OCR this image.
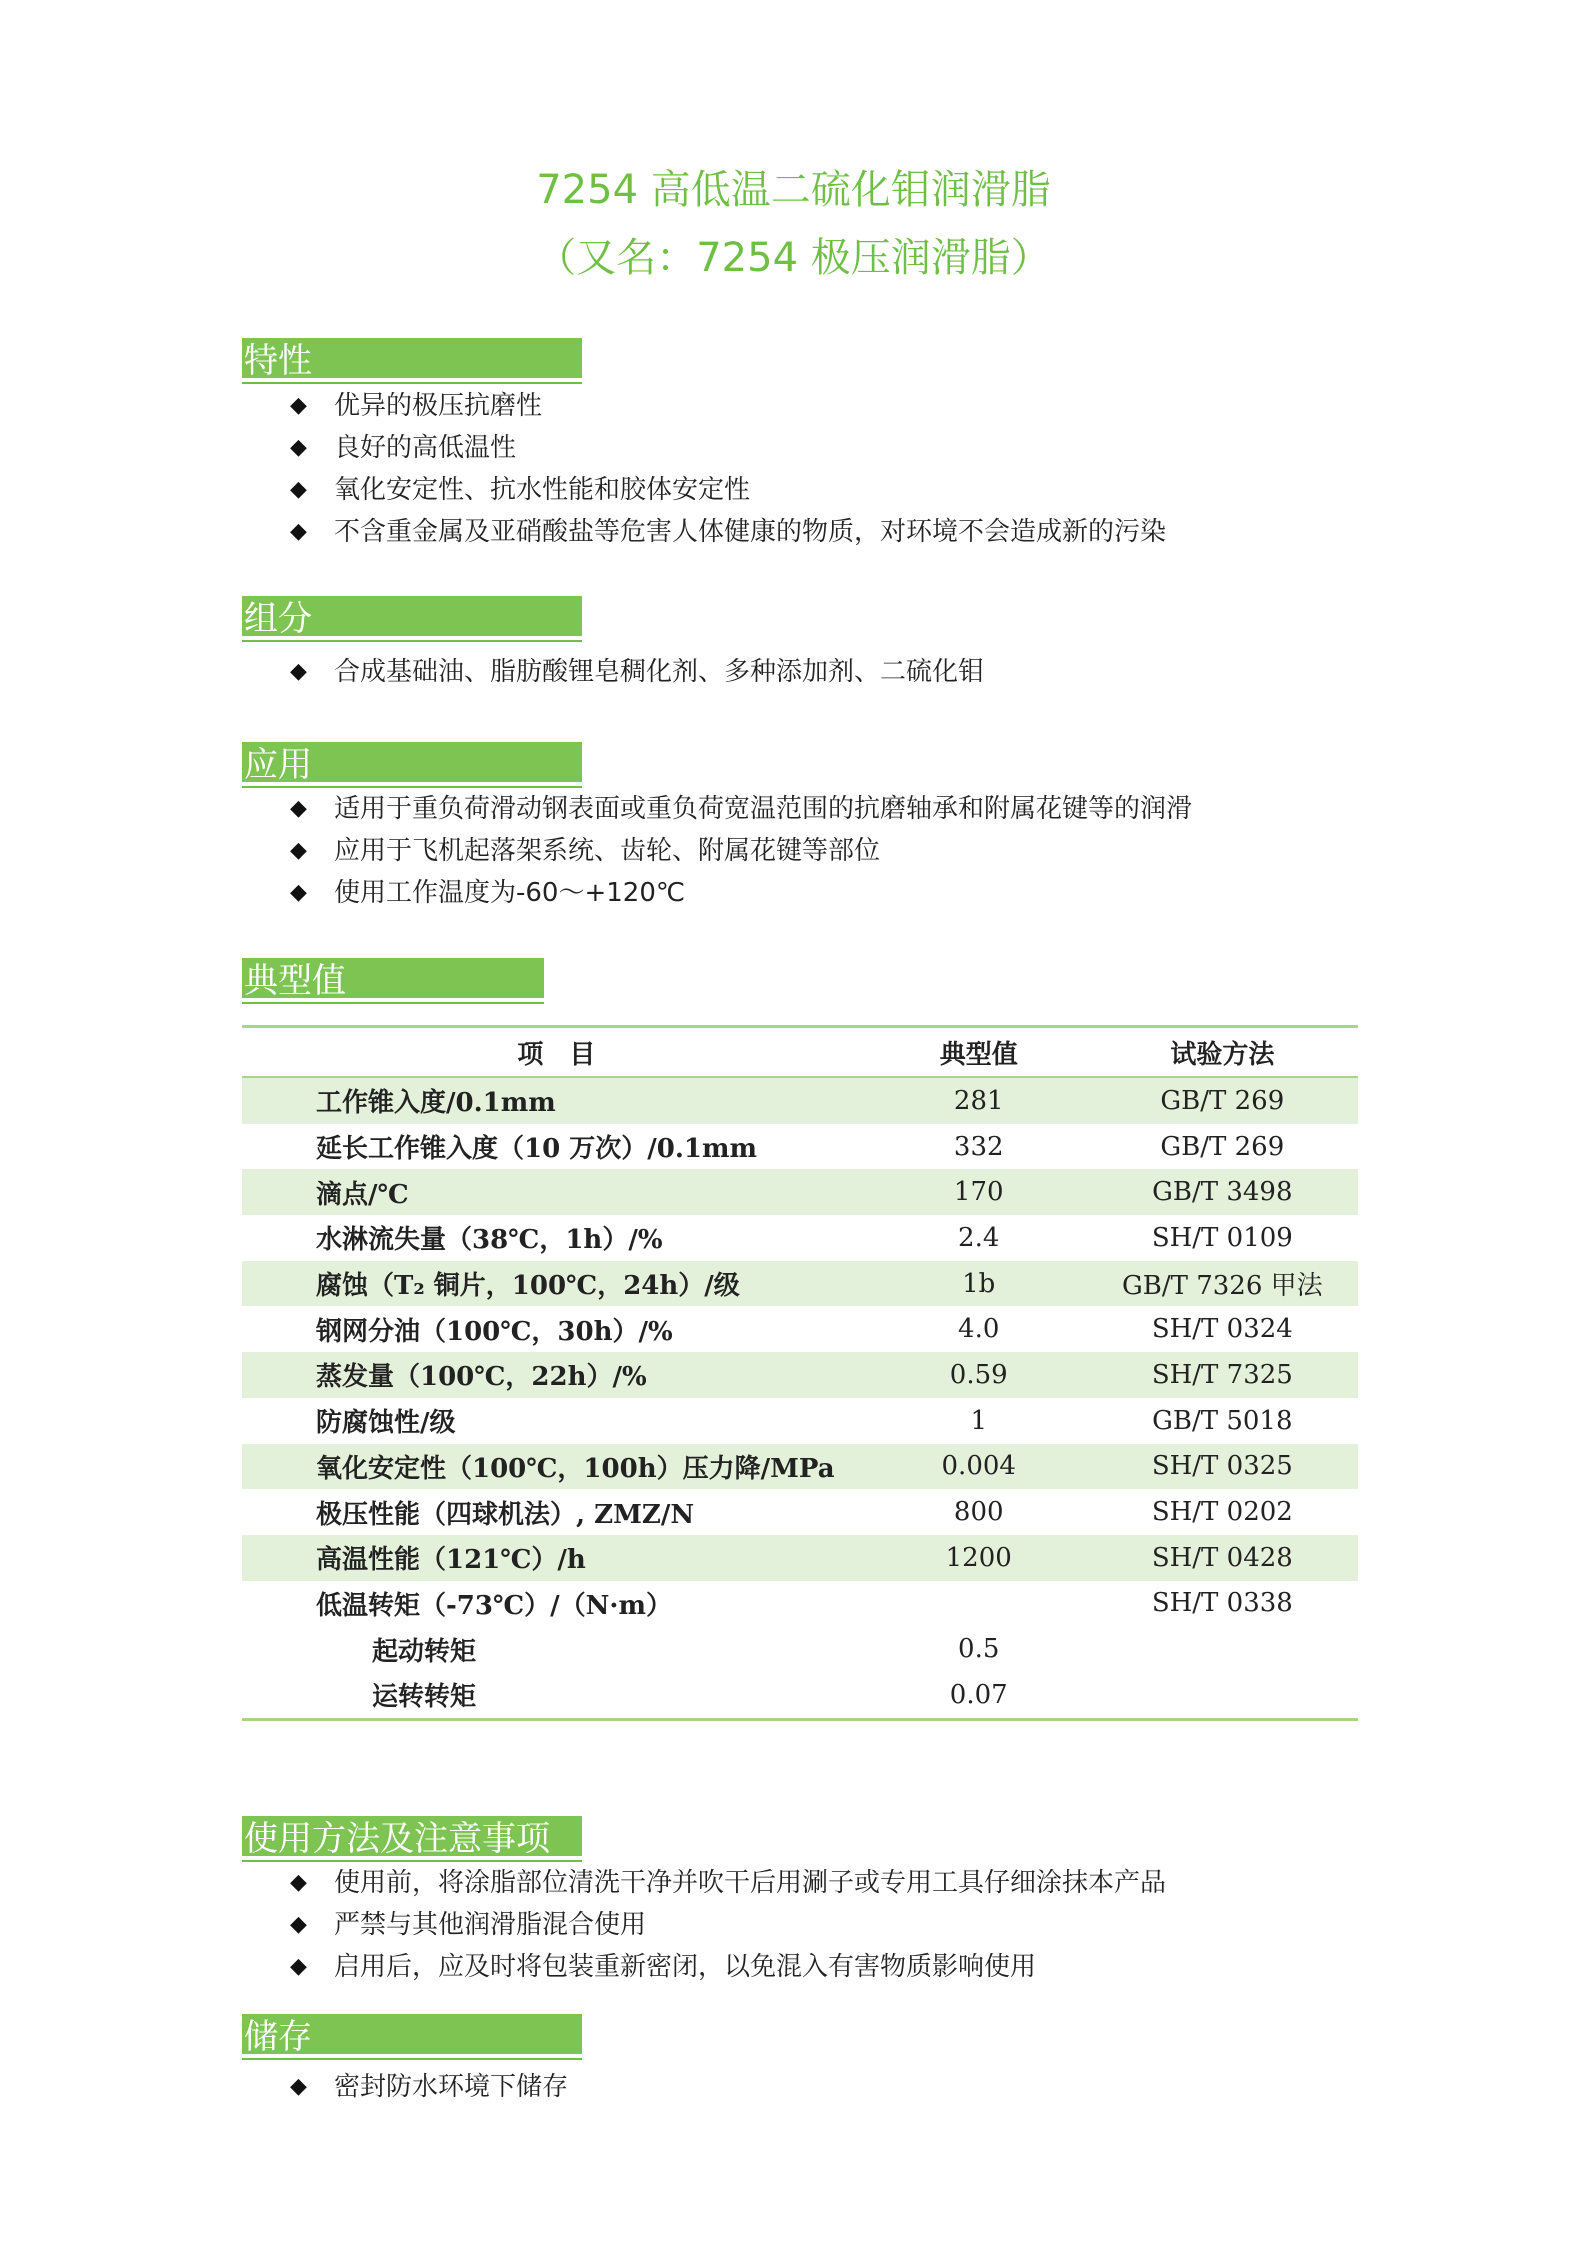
7254 高低温二硫化钼润滑脂
（又名：7254 极压润滑脂）
特性
◆ 优异的极压抗磨性
◆ 良好的高低温性
◆ 氧化安定性、抗水性能和胶体安定性
◆ 不含重金属及亚硝酸盐等危害人体健康的物质，对环境不会造成新的污染
组分
◆ 合成基础油、脂肪酸锂皂稠化剂、多种添加剂、二硫化钼
应用
◆ 适用于重负荷滑动钢表面或重负荷宽温范围的抗磨轴承和附属花键等的润滑
◆ 应用于飞机起落架系统、齿轮、附属花键等部位
◆ 使用工作温度为-60～+120℃
典型值
项　目	典型值	试验方法
工作锥入度/0.1mm	281	GB/T 269
延长工作锥入度（10 万次）/0.1mm	332	GB/T 269
滴点/℃	170	GB/T 3498
水淋流失量（38℃，1h）/%	2.4	SH/T 0109
腐蚀（T₂ 铜片，100℃，24h）/级	1b	GB/T 7326 甲法
钢网分油（100℃，30h）/%	4.0	SH/T 0324
蒸发量（100℃，22h）/%	0.59	SH/T 7325
防腐蚀性/级	1	GB/T 5018
氧化安定性（100℃，100h）压力降/MPa	0.004	SH/T 0325
极压性能（四球机法）, ZMZ/N	800	SH/T 0202
高温性能（121℃）/h	1200	SH/T 0428
低温转矩（-73℃）/（N·m）		SH/T 0338
起动转矩	0.5	
运转转矩	0.07	
使用方法及注意事项
◆ 使用前，将涂脂部位清洗干净并吹干后用涮子或专用工具仔细涂抹本产品
◆ 严禁与其他润滑脂混合使用
◆ 启用后，应及时将包装重新密闭，以免混入有害物质影响使用
储存
◆ 密封防水环境下储存
